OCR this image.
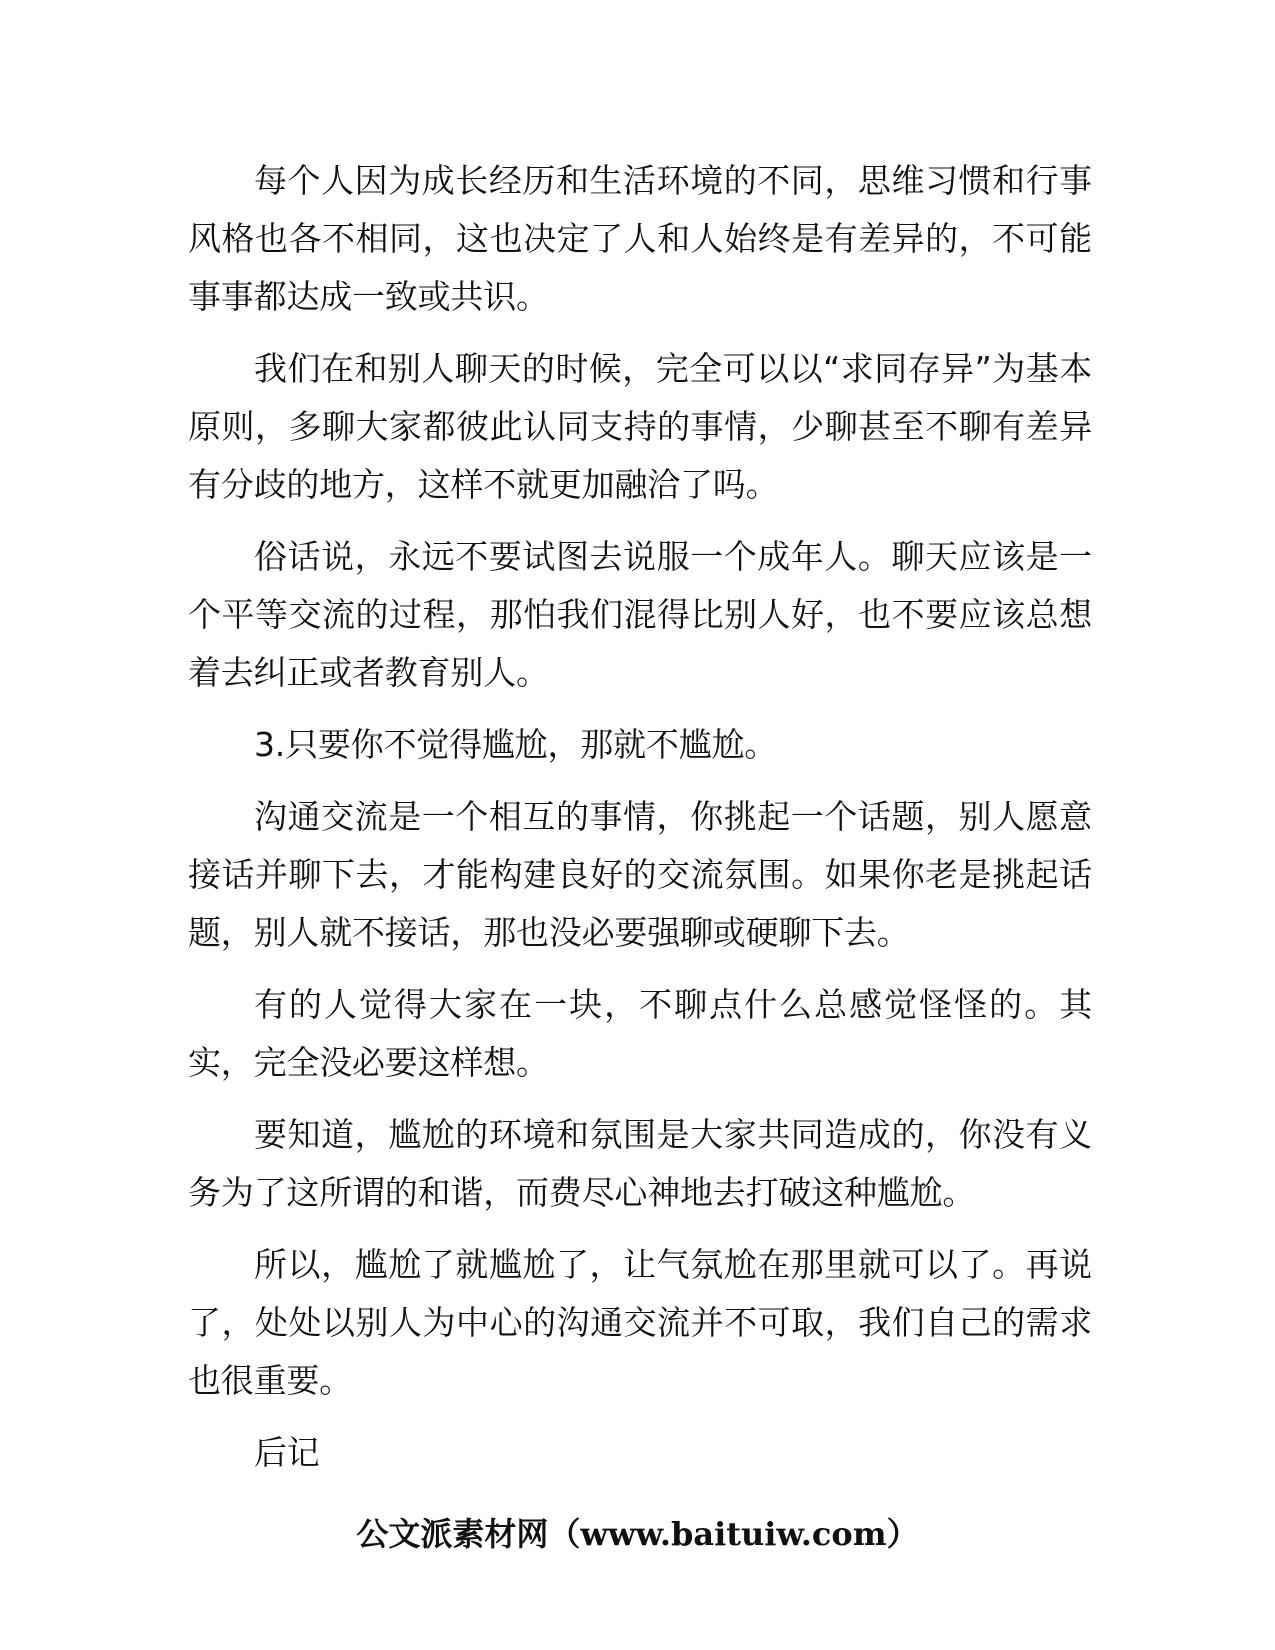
每个人因为成长经历和生活环境的不同，思维习惯和行事风格也各不相同，这也决定了人和人始终是有差异的，不可能事事都达成一致或共识。

我们在和别人聊天的时候，完全可以以“求同存异”为基本原则，多聊大家都彼此认同支持的事情，少聊甚至不聊有差异有分歧的地方，这样不就更加融洽了吗。

俗话说，永远不要试图去说服一个成年人。聊天应该是一个平等交流的过程，那怕我们混得比别人好，也不要应该总想着去纠正或者教育别人。

3.只要你不觉得尴尬，那就不尴尬。

沟通交流是一个相互的事情，你挑起一个话题，别人愿意接话并聊下去，才能构建良好的交流氛围。如果你老是挑起话题，别人就不接话，那也没必要强聊或硬聊下去。

有的人觉得大家在一块，不聊点什么总感觉怪怪的。其实，完全没必要这样想。

要知道，尴尬的环境和氛围是大家共同造成的，你没有义务为了这所谓的和谐，而费尽心神地去打破这种尴尬。

所以，尴尬了就尴尬了，让气氛尬在那里就可以了。再说了，处处以别人为中心的沟通交流并不可取，我们自己的需求也很重要。

后记

公文派素材网（www.baituiw.com）
